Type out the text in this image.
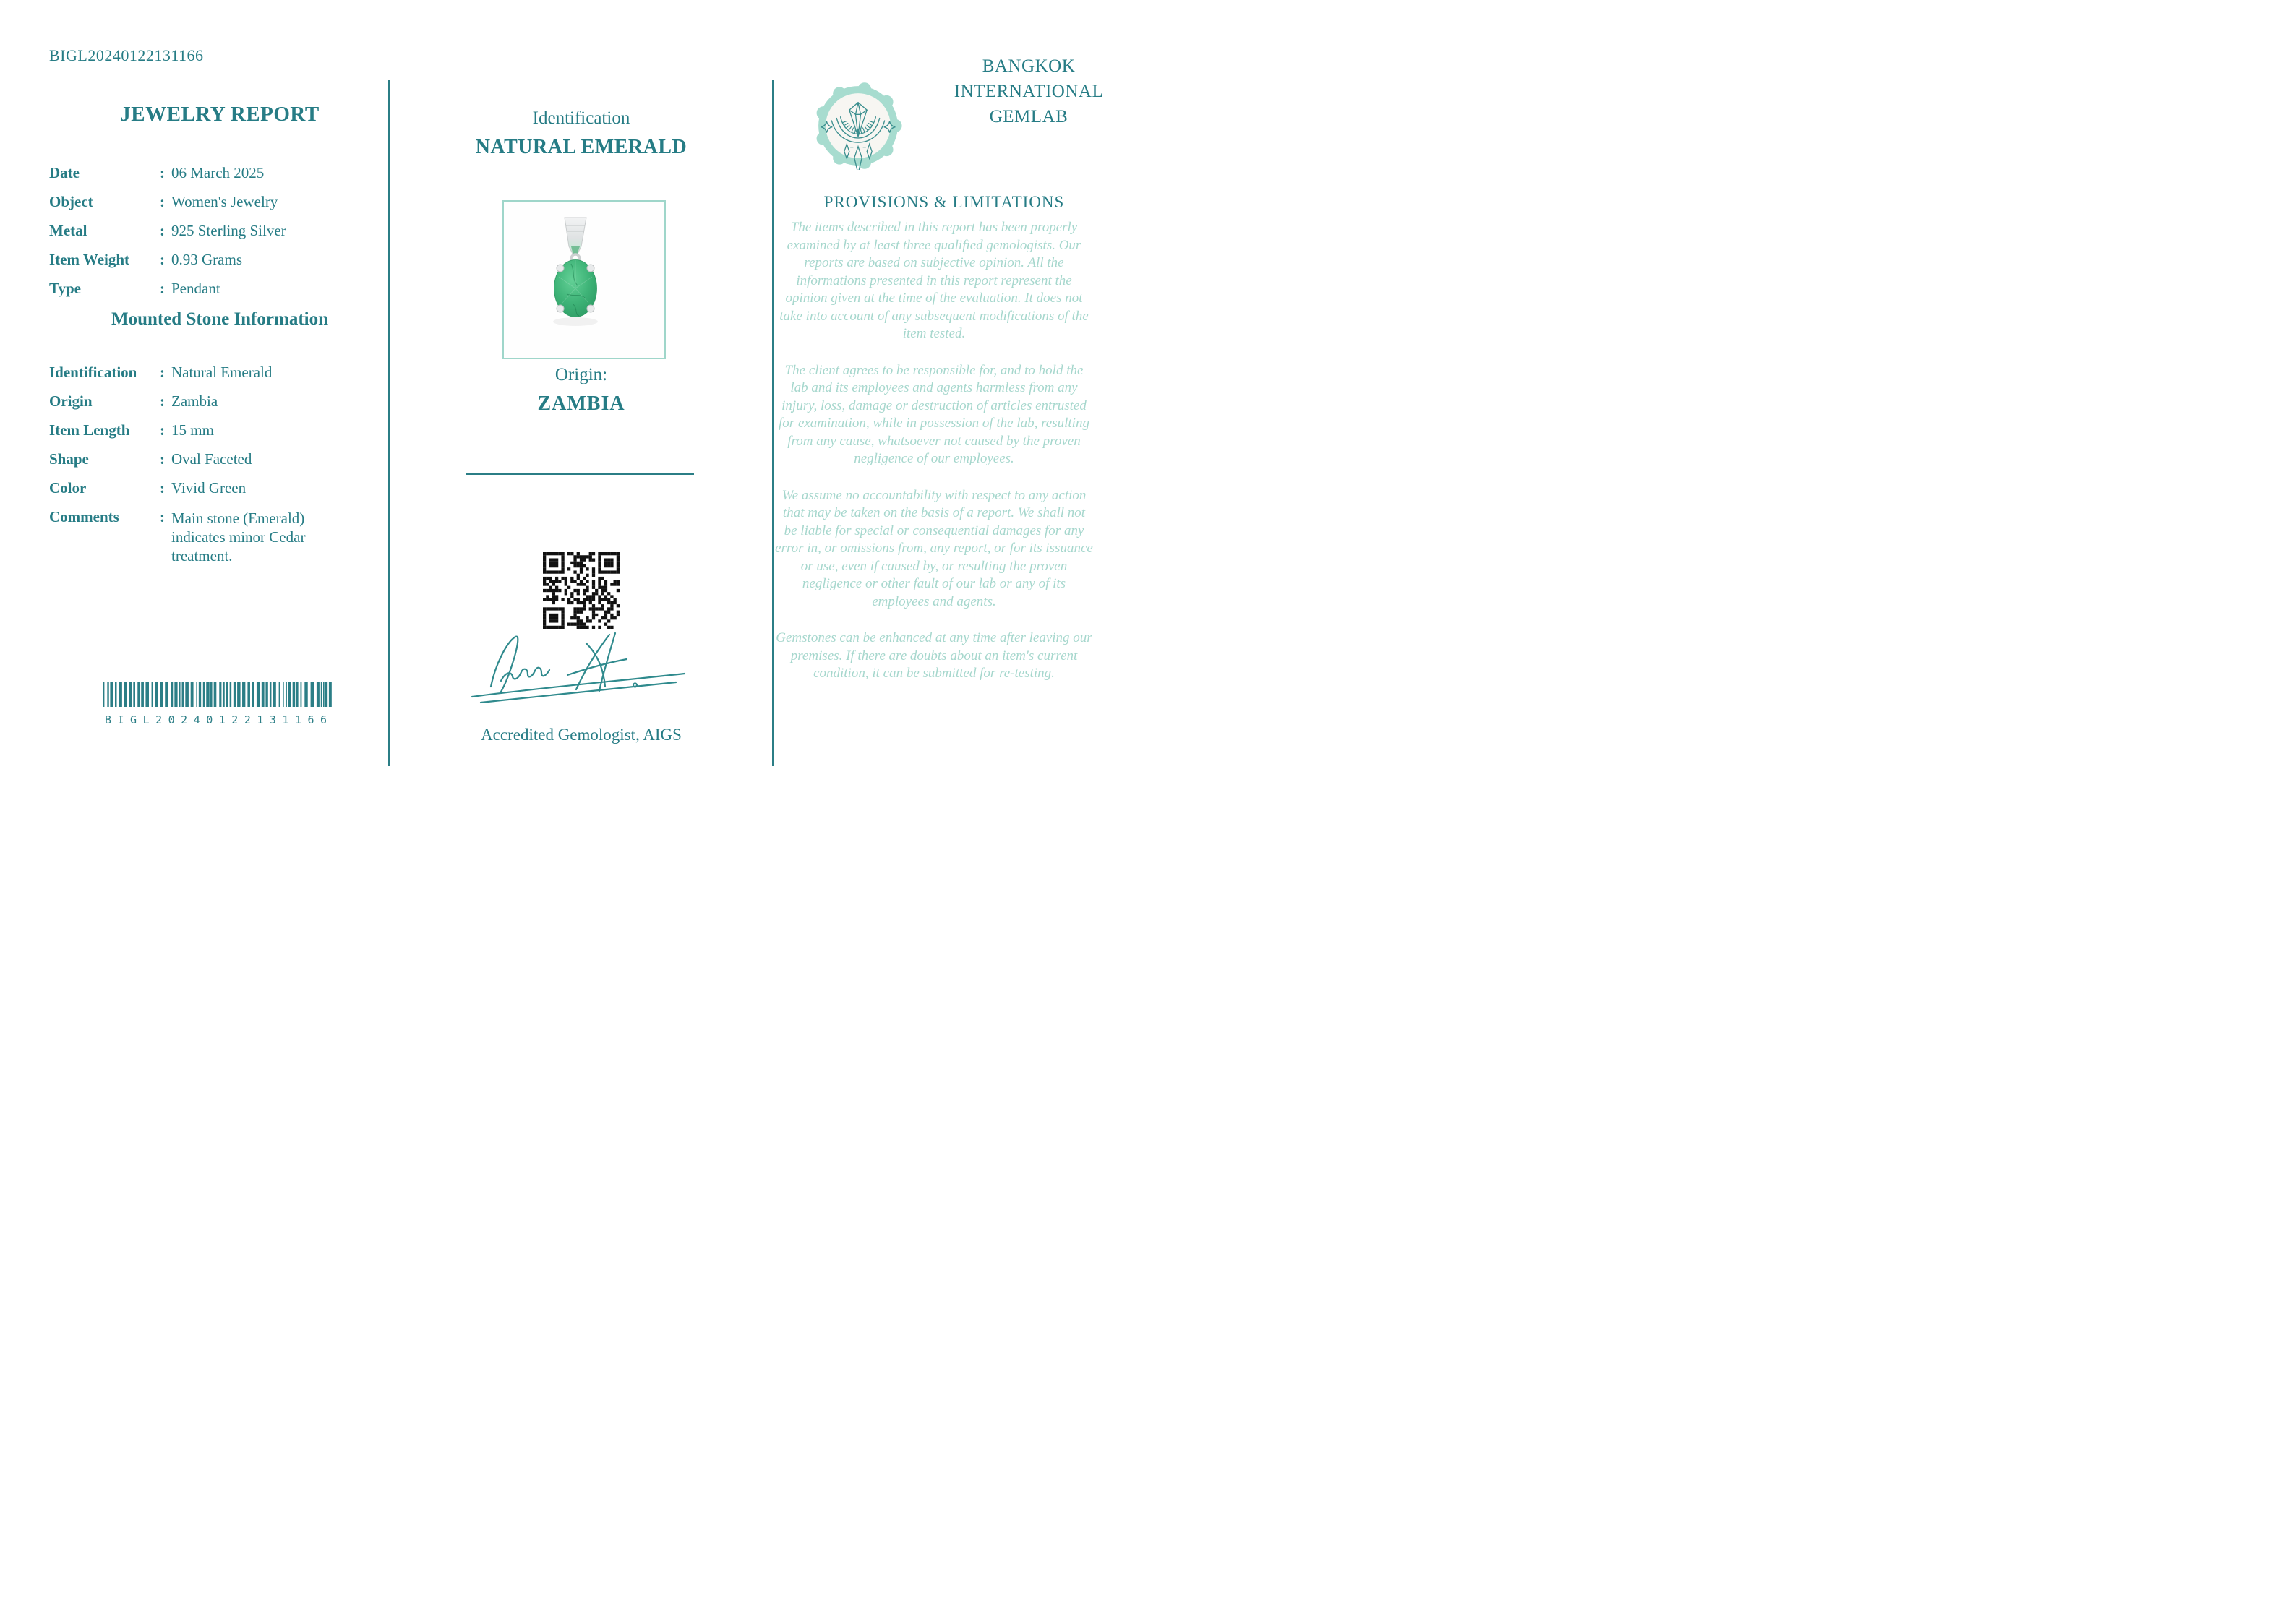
BIGL20240122131166
JEWELRY REPORT
Date	: 06 March 2025
Object	: Women's Jewelry
Metal	: 925 Sterling Silver
Item Weight	: 0.93 Grams
Type	: Pendant
Mounted Stone Information
Identification	: Natural Emerald
Origin	: Zambia
Item Length	: 15 mm
Shape	: Oval Faceted
Color	: Vivid Green
Comments	: Main stone (Emerald) indicates minor Cedar treatment.
BIGL20240122131166
Identification
NATURAL EMERALD
Origin:
ZAMBIA
Accredited Gemologist, AIGS
BANGKOK
INTERNATIONAL
GEMLAB
PROVISIONS & LIMITATIONS

The items described in this report has been properly examined by at least three qualified gemologists. Our reports are based on subjective opinion. All the informations presented in this report represent the opinion given at the time of the evaluation. It does not take into account of any subsequent modifications of the item tested.

The client agrees to be responsible for, and to hold the lab and its employees and agents harmless from any injury, loss, damage or destruction of articles entrusted for examination, while in possession of the lab, resulting from any cause, whatsoever not caused by the proven negligence of our employees.

We assume no accountability with respect to any action that may be taken on the basis of a report. We shall not be liable for special or consequential damages for any error in, or omissions from, any report, or for its issuance or use, even if caused by, or resulting the proven negligence or other fault of our lab or any of its employees and agents.

Gemstones can be enhanced at any time after leaving our premises. If there are doubts about an item's current condition, it can be submitted for re-testing.
